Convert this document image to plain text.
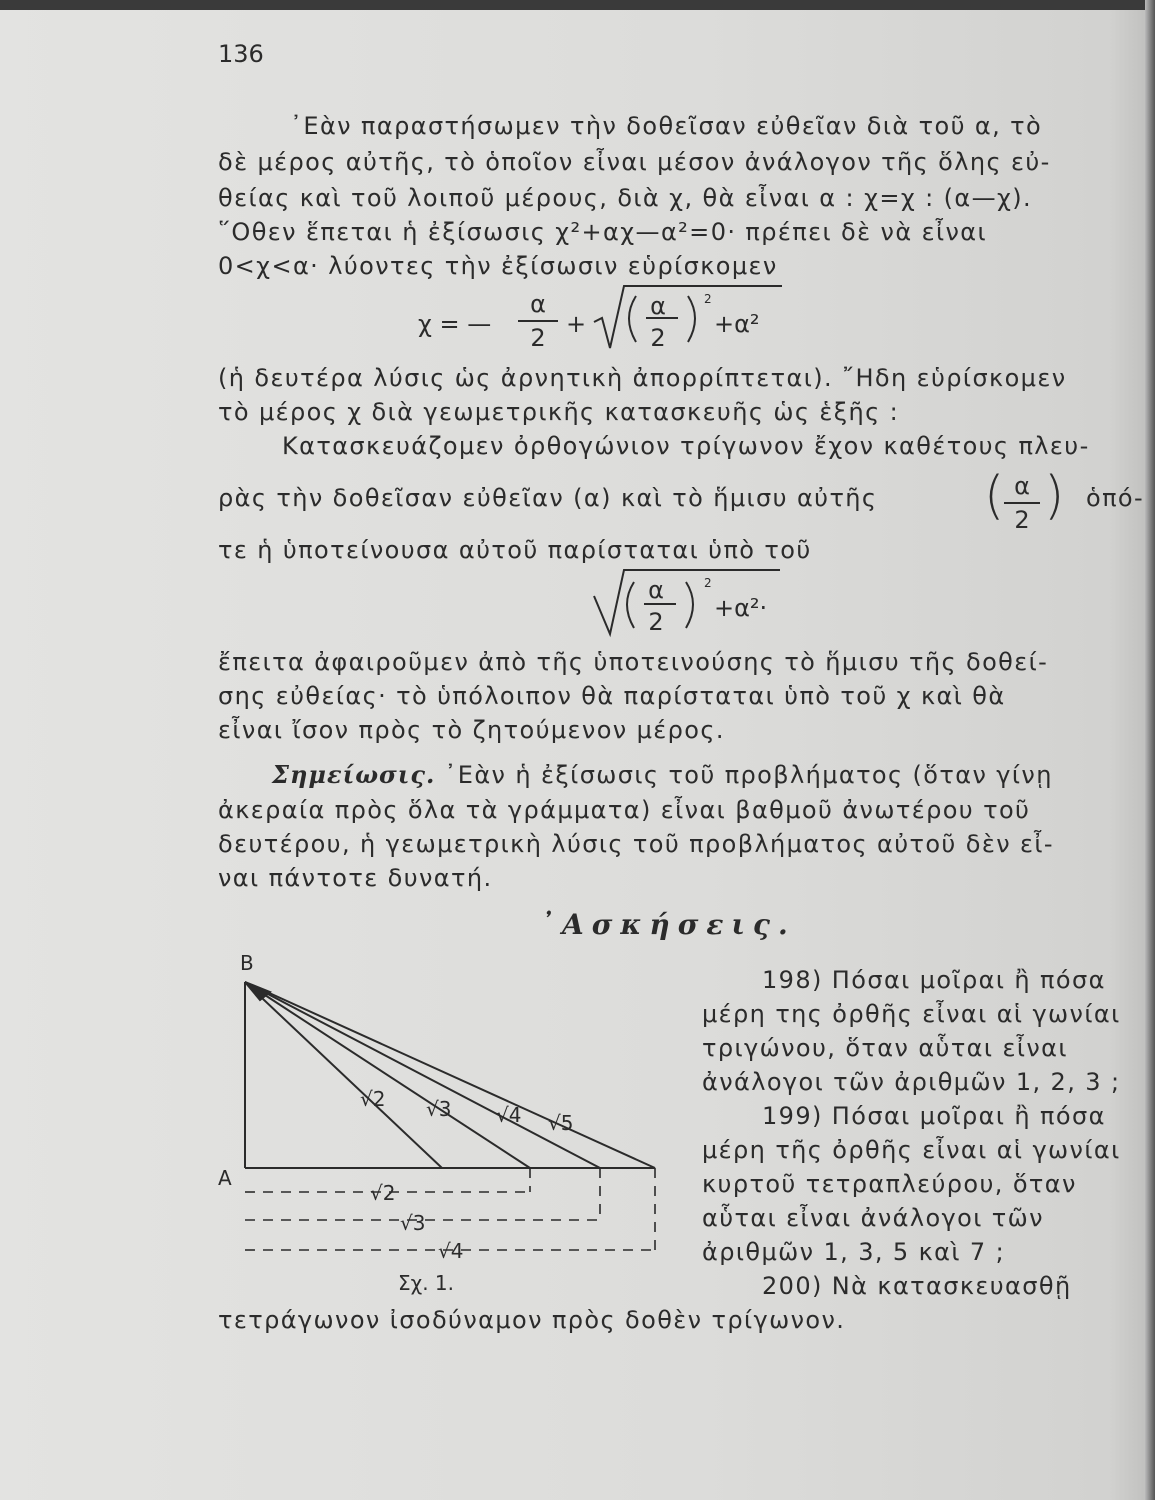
136
᾿Εὰν παραστήσωμεν τὴν δοθεῖσαν εὐθεῖαν διὰ τοῦ α, τὸ
δὲ μέρος αὐτῆς, τὸ ὁποῖον εἶναι μέσον ἀνάλογον τῆς ὅλης εὐ-
θείας καὶ τοῦ λοιποῦ μέρους, διὰ χ, θὰ εἶναι α : χ=χ : (α—χ).
῞Οθεν ἕπεται ἡ ἐξίσωσις χ²+αχ—α²=0· πρέπει δὲ νὰ εἶναι
0<χ<α· λύοντες τὴν ἐξίσωσιν εὑρίσκομεν
χ = —
α
2 +
α
2
2
+α²
(ἡ δευτέρα λύσις ὡς ἀρνητικὴ ἀπορρίπτεται). ῎Ηδη εὑρίσκομεν
τὸ μέρος χ διὰ γεωμετρικῆς κατασκευῆς ὡς ἑξῆς :
Κατασκευάζομεν ὀρθογώνιον τρίγωνον ἔχον καθέτους πλευ-
ρὰς τὴν δοθεῖσαν εὐθεῖαν (α) καὶ τὸ ἥμισυ αὐτῆς ( α
2 ) ὁπό-
τε ἡ ὑποτείνουσα αὐτοῦ παρίσταται ὑπὸ τοῦ
α
2
2
+α²·
ἔπειτα ἀφαιροῦμεν ἀπὸ τῆς ὑποτεινούσης τὸ ἥμισυ τῆς δοθεί-
σης εὐθείας· τὸ ὑπόλοιπον θὰ παρίσταται ὑπὸ τοῦ χ καὶ θὰ
εἶναι ἴσον πρὸς τὸ ζητούμενον μέρος.
Σημείωσις. ᾿Εὰν ἡ ἐξίσωσις τοῦ προβλήματος (ὅταν γίνῃ
ἀκεραία πρὸς ὅλα τὰ γράμματα) εἶναι βαθμοῦ ἀνωτέρου τοῦ
δευτέρου, ἡ γεωμετρικὴ λύσις τοῦ προβλήματος αὐτοῦ δὲν εἶ-
ναι πάντοτε δυνατή.
᾿Ασκήσεις.
198) Πόσαι μοῖραι ἢ πόσα
μέρη της ὀρθῆς εἶναι αἱ γωνίαι
τριγώνου, ὅταν αὗται εἶναι
ἀνάλογοι τῶν ἀριθμῶν 1, 2, 3 ;
199) Πόσαι μοῖραι ἢ πόσα
μέρη τῆς ὀρθῆς εἶναι αἱ γωνίαι
κυρτοῦ τετραπλεύρου, ὅταν
αὗται εἶναι ἀνάλογοι τῶν
ἀριθμῶν 1, 3, 5 καὶ 7 ;
200) Νὰ κατασκευασθῇ
τετράγωνον ἰσοδύναμον πρὸς δοθὲν τρίγωνον.
B
A
√2 √3 √4 √5
√2
√3
√4
Σχ. 1.
